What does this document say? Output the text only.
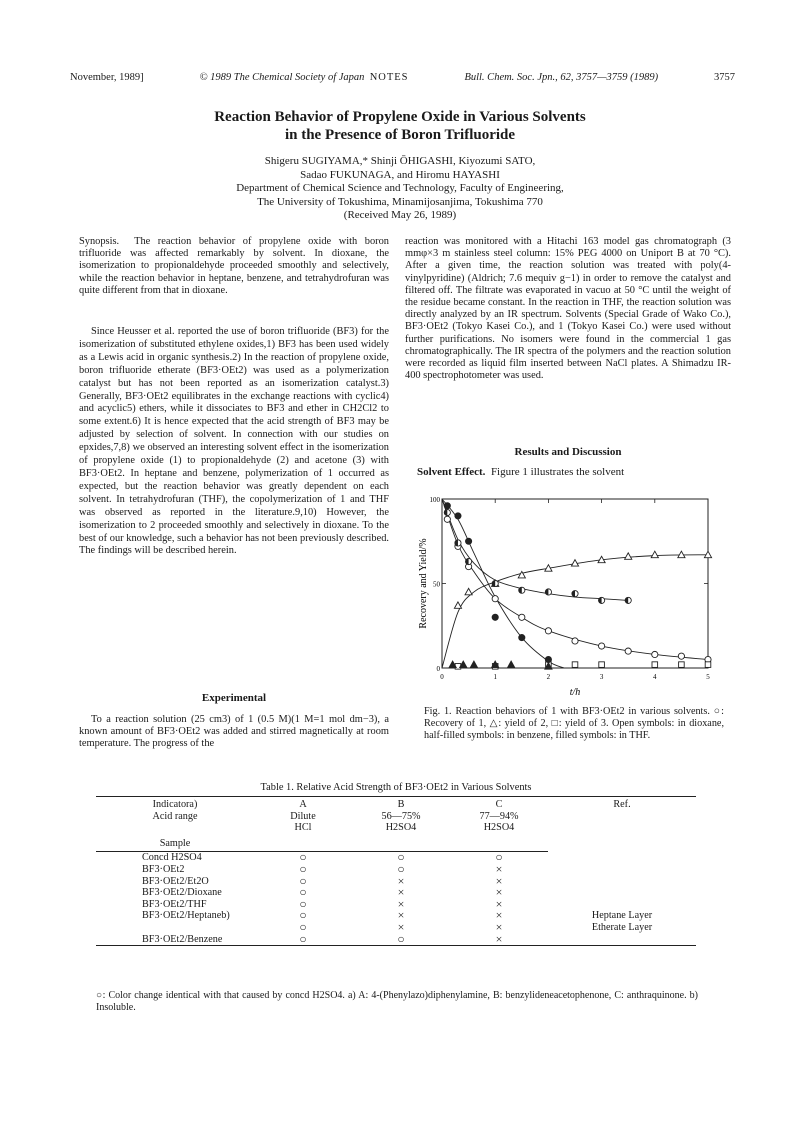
November, 1989]	© 1989 The Chemical Society of Japan NOTES	Bull. Chem. Soc. Jpn., 62, 3757—3759 (1989)	3757
Reaction Behavior of Propylene Oxide in Various Solvents
in the Presence of Boron Trifluoride
Shigeru SUGIYAMA,* Shinji ŌHIGASHI, Kiyozumi SATO,
Sadao FUKUNAGA, and Hiromu HAYASHI
Department of Chemical Science and Technology, Faculty of Engineering,
The University of Tokushima, Minamijosanjima, Tokushima 770
(Received May 26, 1989)

Synopsis. The reaction behavior of propylene oxide with boron trifluoride was affected remarkably by solvent. In dioxane, the isomerization to propionaldehyde proceeded smoothly and selectively, while the reaction behavior in heptane, benzene, and tetrahydrofuran was quite different from that in dioxane.

Since Heusser et al. reported the use of boron trifluoride (BF3) for the isomerization of substituted ethylene oxides,1) BF3 has been used widely as a Lewis acid in organic synthesis.2) In the reaction of propylene oxide, boron trifluoride etherate (BF3·OEt2) was used as a polymerization catalyst but has not been reported as an isomerization catalyst.3) Generally, BF3·OEt2 equilibrates in the exchange reactions with cyclic4) and acyclic5) ethers, while it dissociates to BF3 and ether in CH2Cl2 to some extent.6) It is hence expected that the acid strength of BF3 may be adjusted by selection of solvent. In connection with our studies on epxides,7,8) we observed an interesting solvent effect in the isomerization of propylene oxide (1) to propionaldehyde (2) and acetone (3) with BF3·OEt2. In heptane and benzene, polymerization of 1 occurred as expected, but the reaction behavior was greatly dependent on each solvent. In tetrahydrofuran (THF), the copolymerization of 1 and THF was observed as reported in the literature.9,10) However, the isomerization to 2 proceeded smoothly and selectively in dioxane. To the best of our knowledge, such a behavior has not been previously described. The findings will be described herein.

Experimental

To a reaction solution (25 cm3) of 1 (0.5 M)(1 M=1 mol dm−3), a known amount of BF3·OEt2 was added and stirred magnetically at room temperature. The progress of the

reaction was monitored with a Hitachi 163 model gas chromatograph (3 mmφ×3 m stainless steel column: 15% PEG 4000 on Uniport B at 70 °C). After a given time, the reaction solution was treated with poly(4-vinylpyridine) (Aldrich; 7.6 mequiv g−1) in order to remove the catalyst and filtered off. The filtrate was evaporated in vacuo at 50 °C until the weight of the residue became constant. In the reaction in THF, the reaction solution was directly analyzed by an IR spectrum. Solvents (Special Grade of Wako Co.), BF3·OEt2 (Tokyo Kasei Co.), and 1 (Tokyo Kasei Co.) were used without further purifications. No isomers were found in the commercial 1 gas chromatographically. The IR spectra of the polymers and the reaction solution were recorded as liquid film inserted between NaCl plates. A Shimadzu IR-400 spectrophotometer was used.

Results and Discussion

Solvent Effect. Figure 1 illustrates the solvent

0	1	2	3	4	5
0
50
100
t/h
Recovery and Yield/%
Fig. 1. Reaction behaviors of 1 with BF3·OEt2 in various solvents. ○: Recovery of 1, △: yield of 2, □: yield of 3. Open symbols: in dioxane, half-filled symbols: in benzene, filled symbols: in THF.
Table 1. Relative Acid Strength of BF3·OEt2 in Various Solvents
Indicatora)	A	B	C	Ref.
Acid range	Dilute HCl	56—75% H2SO4	77—94% H2SO4	
Sample				
Concd H2SO4	○	○	○	
BF3·OEt2	○	○	×	
BF3·OEt2/Et2O	○	×	×	
BF3·OEt2/Dioxane	○	×	×	
BF3·OEt2/THF	○	×	×	
BF3·OEt2/Heptaneb)	○	×	×	Heptane Layer
	○	×	×	Etherate Layer
BF3·OEt2/Benzene	○	○	×	
○: Color change identical with that caused by concd H2SO4. a) A: 4-(Phenylazo)diphenylamine, B: benzylideneacetophenone, C: anthraquinone. b) Insoluble.
